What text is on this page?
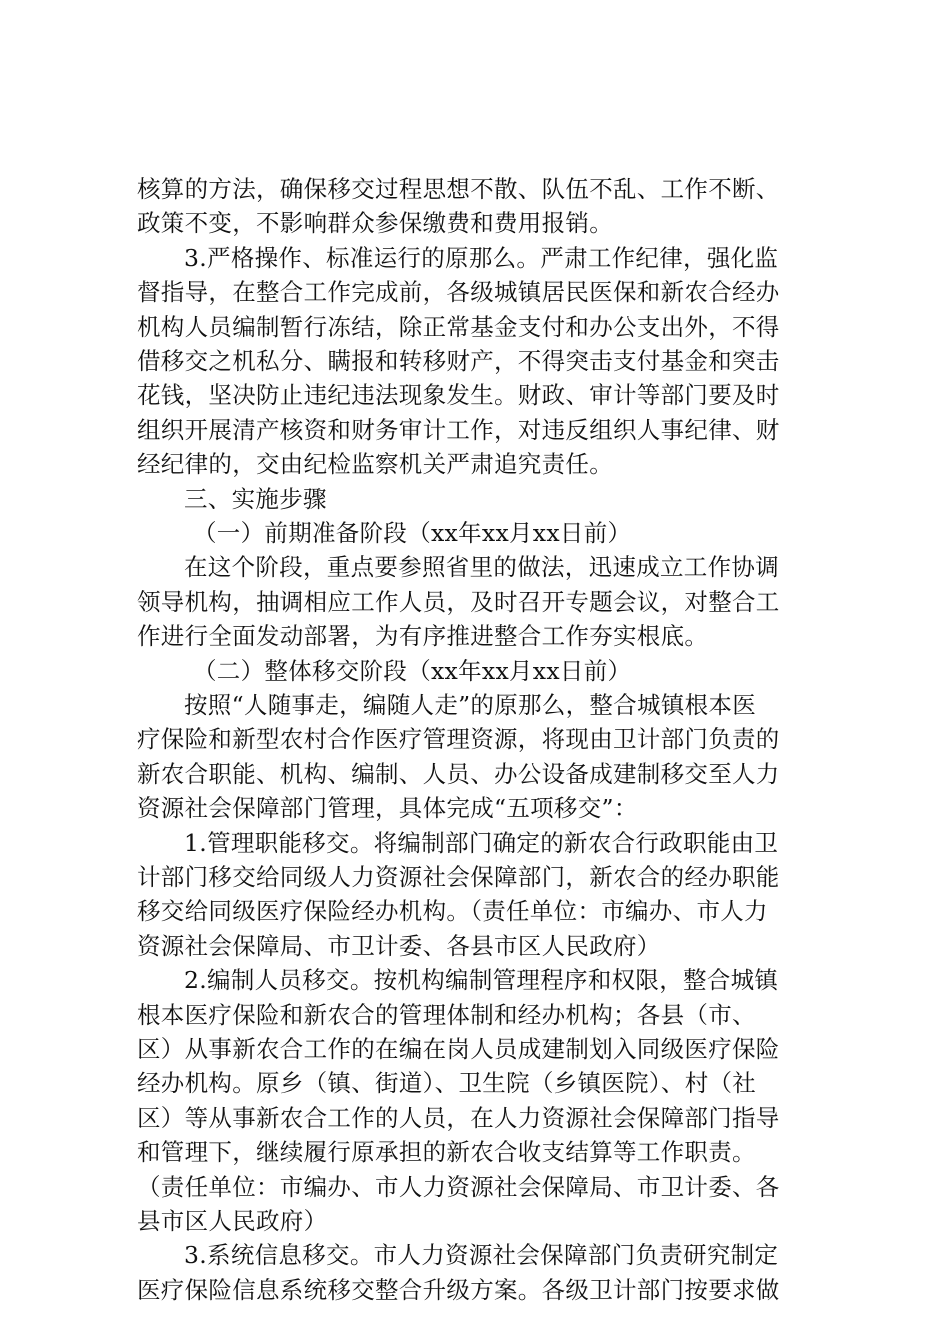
核算的方法，确保移交过程思想不散、队伍不乱、工作不断、
政策不变，不影响群众参保缴费和费用报销。
3.严格操作、标准运行的原那么。严肃工作纪律，强化监
督指导，在整合工作完成前，各级城镇居民医保和新农合经办
机构人员编制暂行冻结，除正常基金支付和办公支出外，不得
借移交之机私分、瞒报和转移财产，不得突击支付基金和突击
花钱，坚决防止违纪违法现象发生。财政、审计等部门要及时
组织开展清产核资和财务审计工作，对违反组织人事纪律、财
经纪律的，交由纪检监察机关严肃追究责任。
三、实施步骤
（一）前期准备阶段（xx年xx月xx日前）
在这个阶段，重点要参照省里的做法，迅速成立工作协调
领导机构，抽调相应工作人员，及时召开专题会议，对整合工
作进行全面发动部署，为有序推进整合工作夯实根底。
（二）整体移交阶段（xx年xx月xx日前）
按照“人随事走，编随人走”的原那么，整合城镇根本医
疗保险和新型农村合作医疗管理资源，将现由卫计部门负责的
新农合职能、机构、编制、人员、办公设备成建制移交至人力
资源社会保障部门管理，具体完成“五项移交”：
1.管理职能移交。将编制部门确定的新农合行政职能由卫
计部门移交给同级人力资源社会保障部门，新农合的经办职能
移交给同级医疗保险经办机构。（责任单位：市编办、市人力
资源社会保障局、市卫计委、各县市区人民政府）
2.编制人员移交。按机构编制管理程序和权限，整合城镇
根本医疗保险和新农合的管理体制和经办机构；各县（市、
区）从事新农合工作的在编在岗人员成建制划入同级医疗保险
经办机构。原乡（镇、街道）、卫生院（乡镇医院）、村（社
区）等从事新农合工作的人员，在人力资源社会保障部门指导
和管理下，继续履行原承担的新农合收支结算等工作职责。
（责任单位：市编办、市人力资源社会保障局、市卫计委、各
县市区人民政府）
3.系统信息移交。市人力资源社会保障部门负责研究制定
医疗保险信息系统移交整合升级方案。各级卫计部门按要求做
